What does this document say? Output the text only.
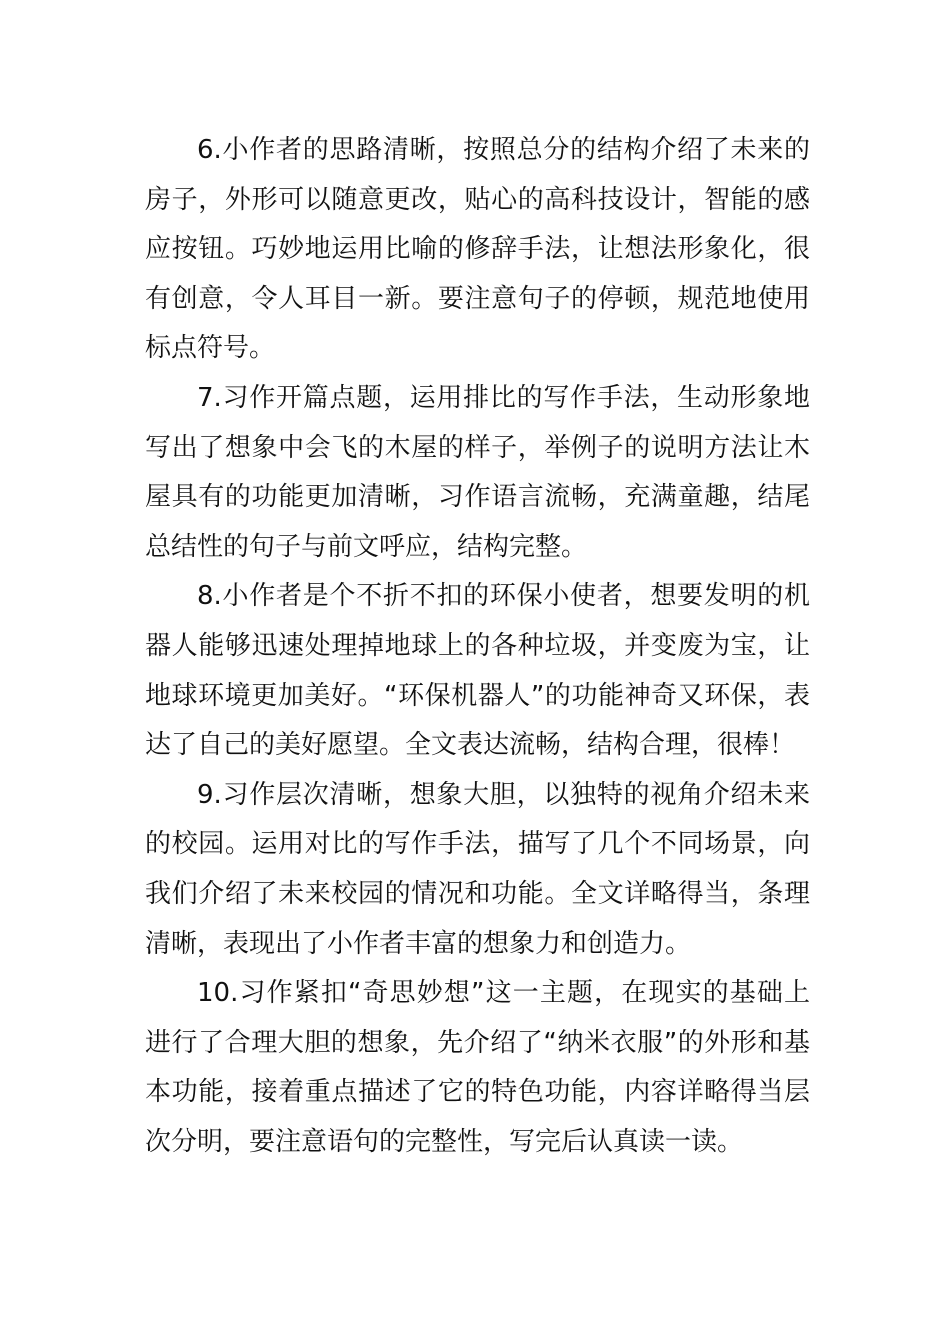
6.小作者的思路清晰，按照总分的结构介绍了未来的房子，外形可以随意更改，贴心的高科技设计，智能的感应按钮。巧妙地运用比喻的修辞手法，让想法形象化，很有创意，令人耳目一新。要注意句子的停顿，规范地使用标点符号。

7.习作开篇点题，运用排比的写作手法，生动形象地写出了想象中会飞的木屋的样子，举例子的说明方法让木屋具有的功能更加清晰，习作语言流畅，充满童趣，结尾总结性的句子与前文呼应，结构完整。

8.小作者是个不折不扣的环保小使者，想要发明的机器人能够迅速处理掉地球上的各种垃圾，并变废为宝，让地球环境更加美好。“环保机器人”的功能神奇又环保，表达了自己的美好愿望。全文表达流畅，结构合理，很棒！

9.习作层次清晰，想象大胆，以独特的视角介绍未来的校园。运用对比的写作手法，描写了几个不同场景，向我们介绍了未来校园的情况和功能。全文详略得当，条理清晰，表现出了小作者丰富的想象力和创造力。

10.习作紧扣“奇思妙想”这一主题，在现实的基础上进行了合理大胆的想象，先介绍了“纳米衣服”的外形和基本功能，接着重点描述了它的特色功能，内容详略得当层次分明，要注意语句的完整性，写完后认真读一读。
